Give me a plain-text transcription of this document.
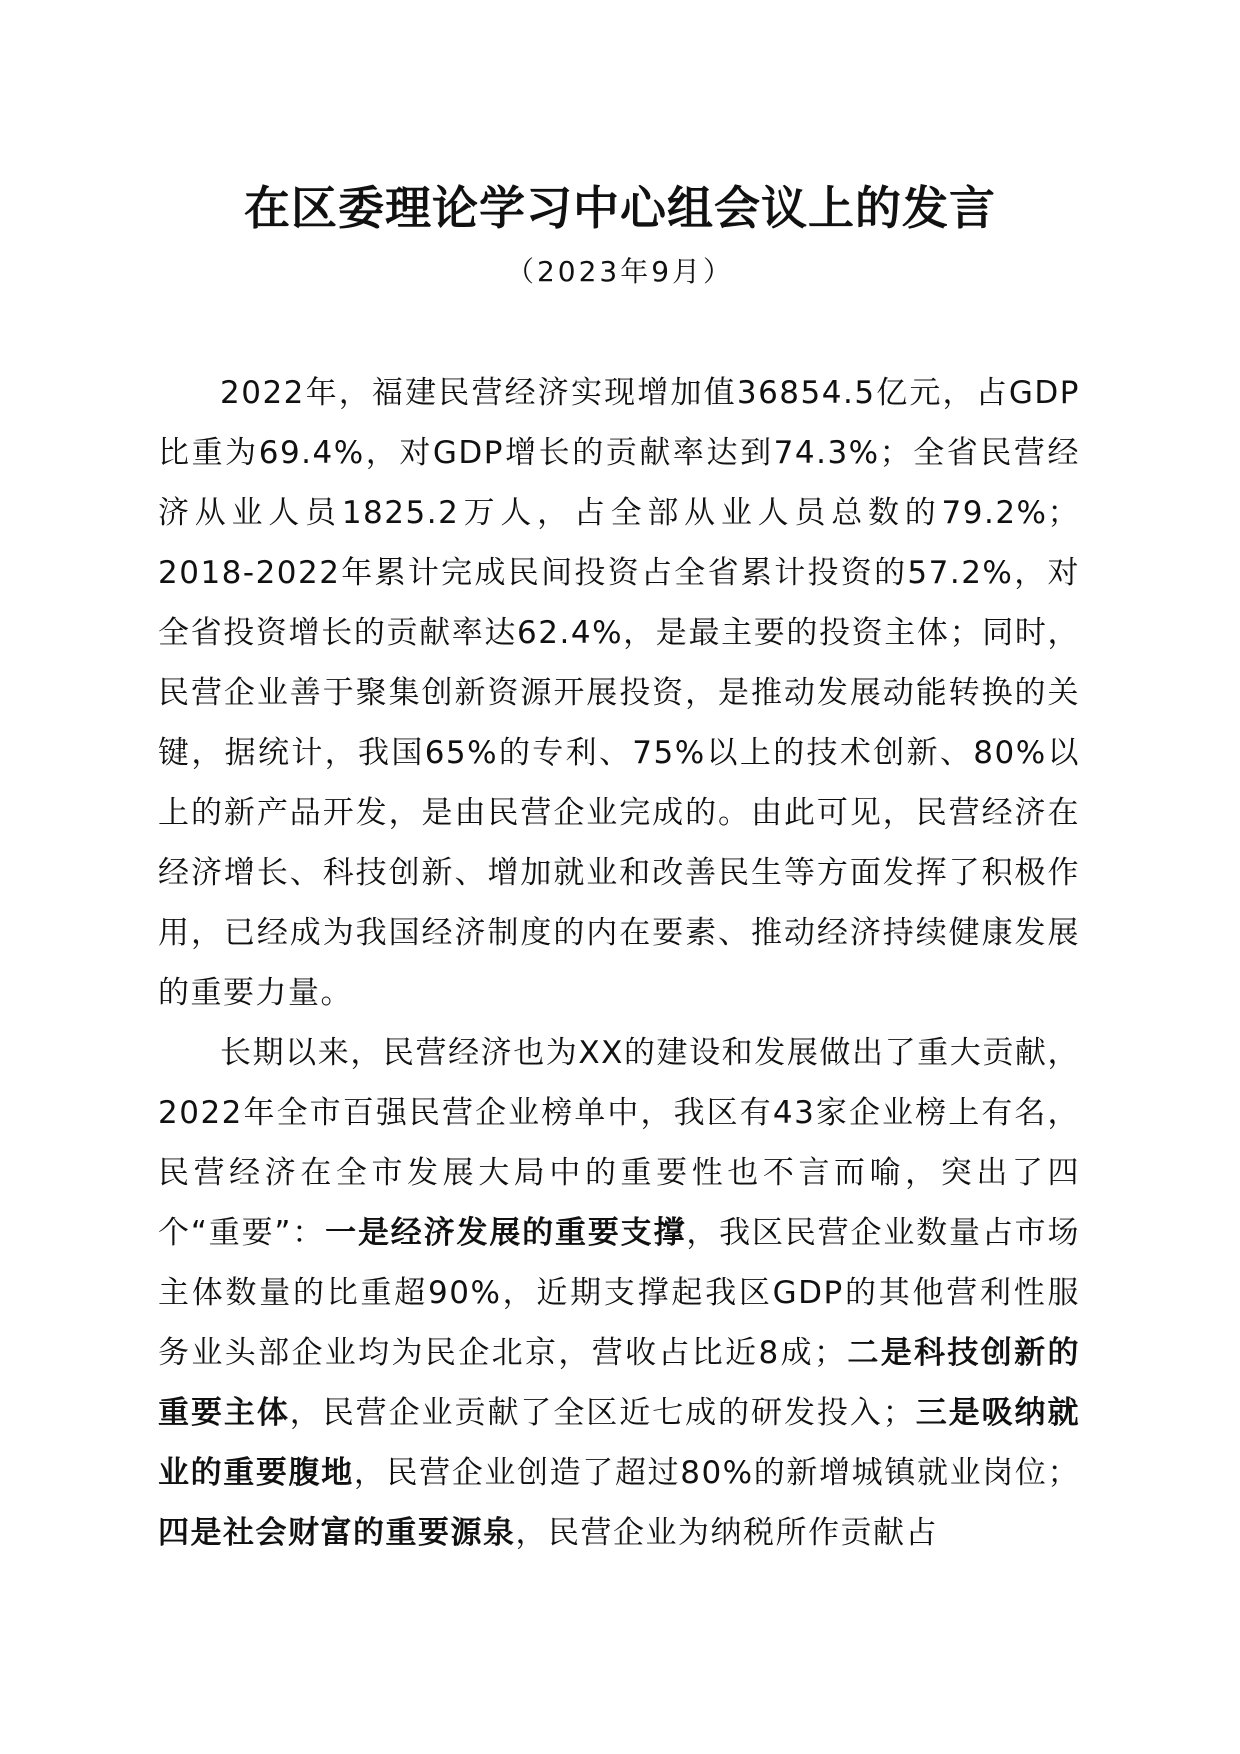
在区委理论学习中心组会议上的发言
（2023年9月）

2022年，福建民营经济实现增加值36854.5亿元，占GDP比重为69.4%，对GDP增长的贡献率达到74.3%；全省民营经济从业人员1825.2万人，占全部从业人员总数的79.2%；2018-2022年累计完成民间投资占全省累计投资的57.2%，对全省投资增长的贡献率达62.4%，是最主要的投资主体；同时，民营企业善于聚集创新资源开展投资，是推动发展动能转换的关键，据统计，我国65%的专利、75%以上的技术创新、80%以上的新产品开发，是由民营企业完成的。由此可见，民营经济在经济增长、科技创新、增加就业和改善民生等方面发挥了积极作用，已经成为我国经济制度的内在要素、推动经济持续健康发展的重要力量。

长期以来，民营经济也为XX的建设和发展做出了重大贡献，2022年全市百强民营企业榜单中，我区有43家企业榜上有名，民营经济在全市发展大局中的重要性也不言而喻，突出了四个“重要”：一是经济发展的重要支撑，我区民营企业数量占市场主体数量的比重超90%，近期支撑起我区GDP的其他营利性服务业头部企业均为民企北京，营收占比近8成；二是科技创新的重要主体，民营企业贡献了全区近七成的研发投入；三是吸纳就业的重要腹地，民营企业创造了超过80%的新增城镇就业岗位；四是社会财富的重要源泉，民营企业为纳税所作贡献占
